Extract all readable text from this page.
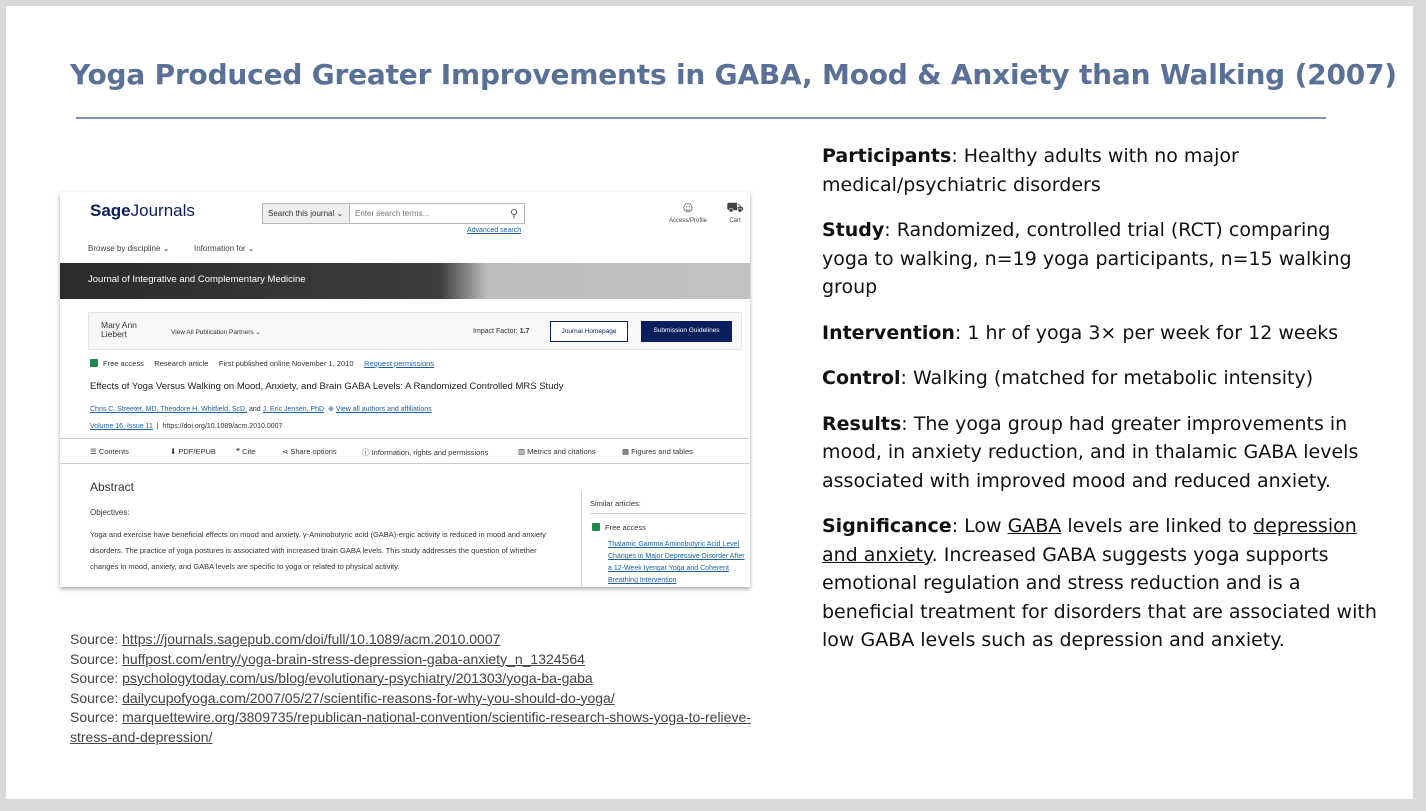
Yoga Produced Greater Improvements in GABA, Mood & Anxiety than Walking (2007)
SageJournals	Search this journal ⌄	Enter search terms...	⚲
Advanced search
☺
Access/Profile
⛟
Cart
Browse by discipline ⌄	Information for ⌄
Journal of Integrative and Complementary Medicine
Mary Ann
Liebert	View All Publication Partners ⌄	Impact Factor: 1.7	Journal Homepage	Submission Guidelines
Free access Research article First published online November 1, 2010 Request permissions
Effects of Yoga Versus Walking on Mood, Anxiety, and Brain GABA Levels: A Randomized Controlled MRS Study
Chris C. Streeter, MD, Theodore H. Whitfield, ScD, and J. Eric Jensen, PhD  ⊕ View all authors and affiliations
Volume 16, Issue 11  |  https://doi.org/10.1089/acm.2010.0007
☰ Contents	⬇ PDF/EPUB	❞ Cite	⋖ Share options	ⓘ Information, rights and permissions	▥ Metrics and citations	▦ Figures and tables
Abstract
Objectives:
Yoga and exercise have beneficial effects on mood and anxiety. γ-Aminobutyric acid (GABA)-ergic activity is reduced in mood and anxiety disorders. The practice of yoga postures is associated with increased brain GABA levels. This study addresses the question of whether changes in mood, anxiety, and GABA levels are specific to yoga or related to physical activity.
Similar articles:
Free access
Thalamic Gamma Aminobutyric Acid Level Changes in Major Depressive Disorder After a 12-Week Iyengar Yoga and Coherent Breathing Intervention
Source: https://journals.sagepub.com/doi/full/10.1089/acm.2010.0007
Source: huffpost.com/entry/yoga-brain-stress-depression-gaba-anxiety_n_1324564
Source: psychologytoday.com/us/blog/evolutionary-psychiatry/201303/yoga-ba-gaba
Source: dailycupofyoga.com/2007/05/27/scientific-reasons-for-why-you-should-do-yoga/
Source: marquettewire.org/3809735/republican-national-convention/scientific-research-shows-yoga-to-relieve-stress-and-depression/

Participants: Healthy adults with no major medical/psychiatric disorders

Study: Randomized, controlled trial (RCT) comparing yoga to walking, n=19 yoga participants, n=15 walking group

Intervention: 1 hr of yoga 3× per week for 12 weeks

Control: Walking (matched for metabolic intensity)

Results: The yoga group had greater improvements in mood, in anxiety reduction, and in thalamic GABA levels associated with improved mood and reduced anxiety.

Significance: Low GABA levels are linked to depression and anxiety. Increased GABA suggests yoga supports emotional regulation and stress reduction and is a beneficial treatment for disorders that are associated with low GABA levels such as depression and anxiety.
